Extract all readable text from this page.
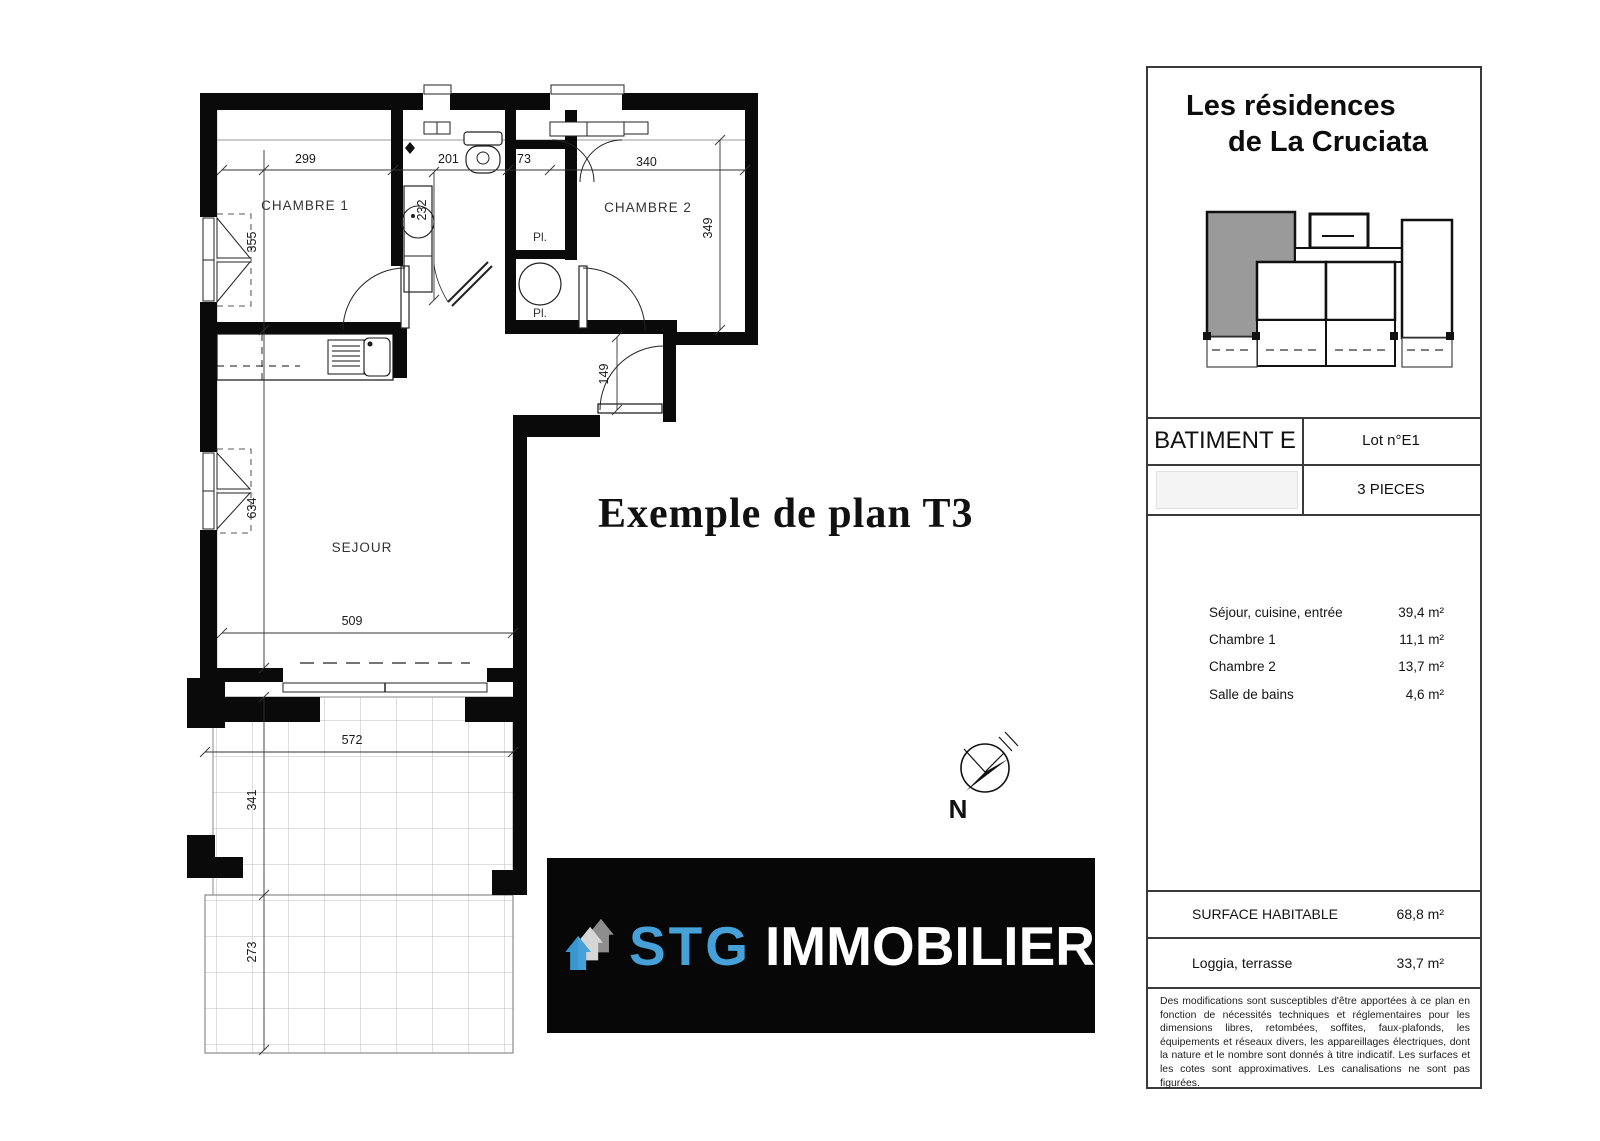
299	201	73	340
355
232
349
149
634
509
572
341
273
CHAMBRE 1	CHAMBRE 2
SEJOUR
Pl.
Pl.
N
Exemple de plan T3
STG IMMOBILIER
Les résidences
de La Cruciata
BATIMENT E	Lot n°E1
3 PIECES
Séjour, cuisine, entrée	39,4 m²
Chambre 1	11,1 m²
Chambre 2	13,7 m²
Salle de bains	4,6 m²
SURFACE HABITABLE	68,8 m²
Loggia, terrasse	33,7 m²
Des modifications sont susceptibles d'être apportées à ce plan en fonction de nécessités techniques et réglementaires pour les dimensions libres, retombées, soffites, faux-plafonds, les équipements et réseaux divers, les appareillages électriques, dont la nature et le nombre sont donnés à titre indicatif. Les surfaces et les cotes sont approximatives. Les canalisations ne sont pas figurées.
